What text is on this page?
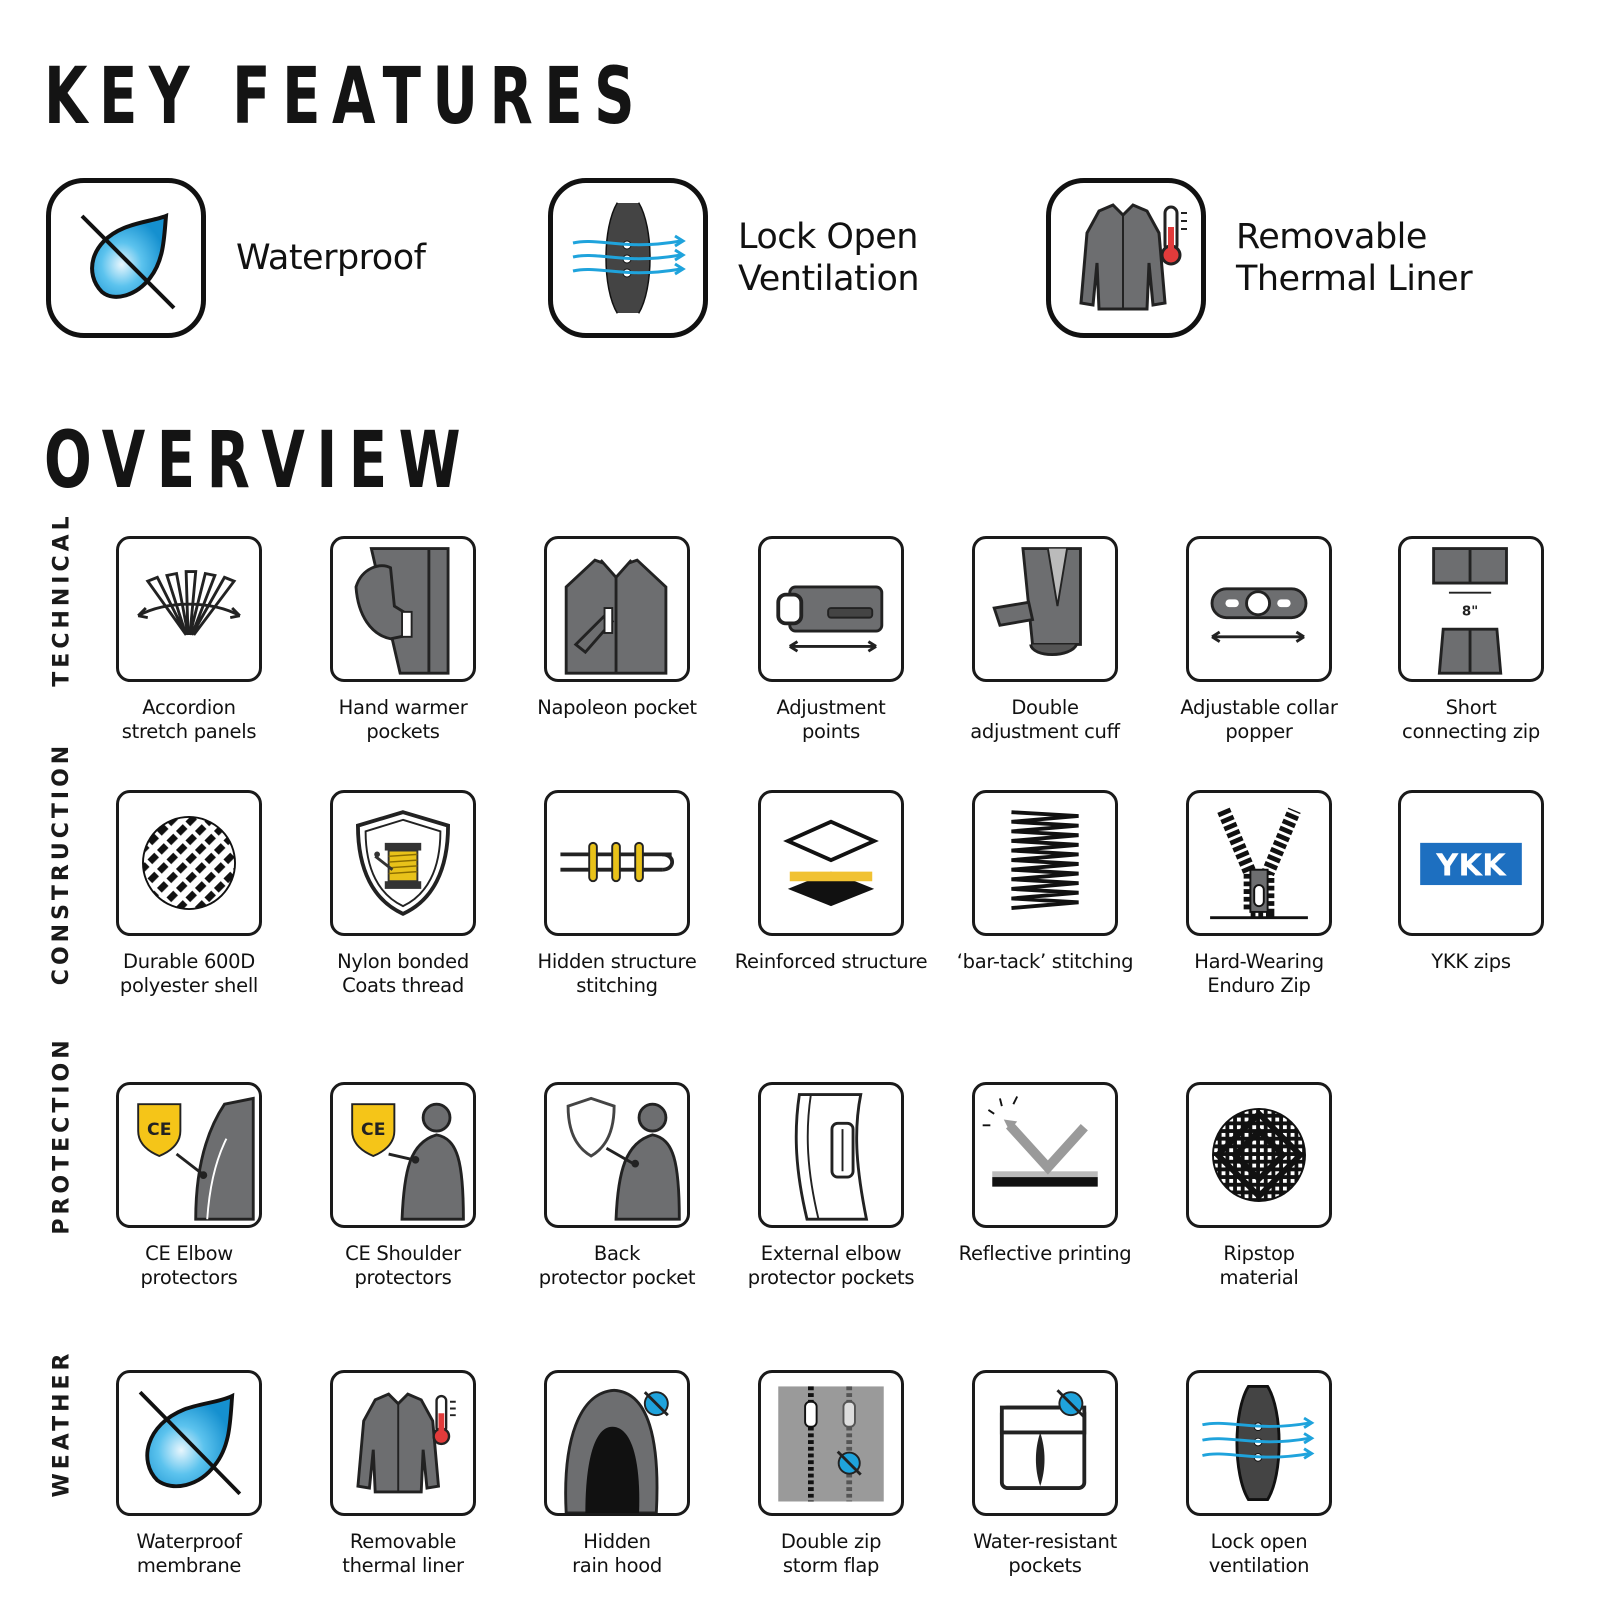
KEY FEATURES
Waterproof
Lock Open
Ventilation
Removable
Thermal Liner
OVERVIEW
TECHNICAL
CONSTRUCTION
PROTECTION
WEATHER
Accordion
stretch panels
Hand warmer
pockets
Napoleon pocket	Adjustment
points
Double
adjustment cuff
Adjustable collar
popper
8"
Short
connecting zip
Durable 600D
polyester shell
Nylon bonded
Coats thread
Hidden structure
stitching
Reinforced structure	‘bar-tack’ stitching	Hard-Wearing
Enduro Zip
YKK
YKK zips
CE
CE Elbow
protectors
CE
CE Shoulder
protectors
Back
protector pocket
External elbow
protector pockets
Reflective printing	Ripstop
material
Waterproof
membrane
Removable
thermal liner
Hidden
rain hood
Double zip
storm flap
Water-resistant
pockets
Lock open
ventilation
